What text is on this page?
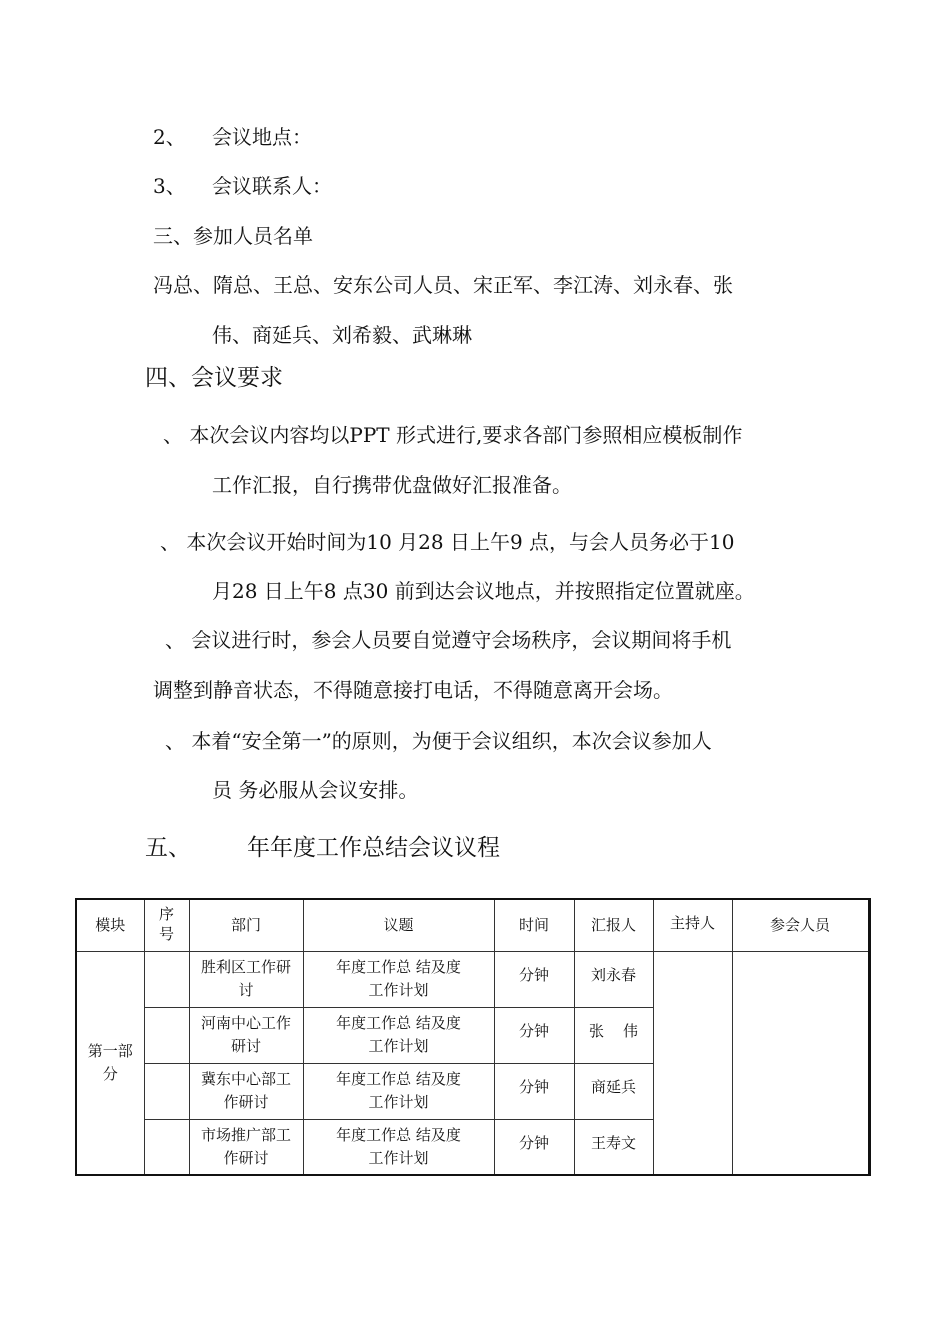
2、 会议地点：
3、 会议联系人：
三、参加人员名单
冯总、隋总、王总、安东公司人员、宋正军、李江涛、刘永春、张
伟、商延兵、刘希毅、武琳琳
四、会议要求
、 本次会议内容均以PPT 形式进行,要求各部门参照相应模板制作
工作汇报，自行携带优盘做好汇报准备。
、 本次会议开始时间为10 月28 日上午9 点，与会人员务必于10
月28 日上午8 点30 前到达会议地点，并按照指定位置就座。
、 会议进行时，参会人员要自觉遵守会场秩序，会议期间将手机
调整到静音状态，不得随意接打电话，不得随意离开会场。
、 本着“安全第一”的原则，为便于会议组织，本次会议参加人
员 务必服从会议安排。
五、 年年度工作总结会议议程
模块	序号	部门	议题	时间	汇报人	主持人	参会人员
第一部分		胜利区工作研讨	年度工作总 结及度工作计划	分钟	刘永春		
		河南中心工作研讨	年度工作总 结及度工作计划	分钟	张    伟		
		冀东中心部工作研讨	年度工作总 结及度工作计划	分钟	商延兵		
		市场推广部工作研讨	年度工作总 结及度工作计划	分钟	王寿文		
